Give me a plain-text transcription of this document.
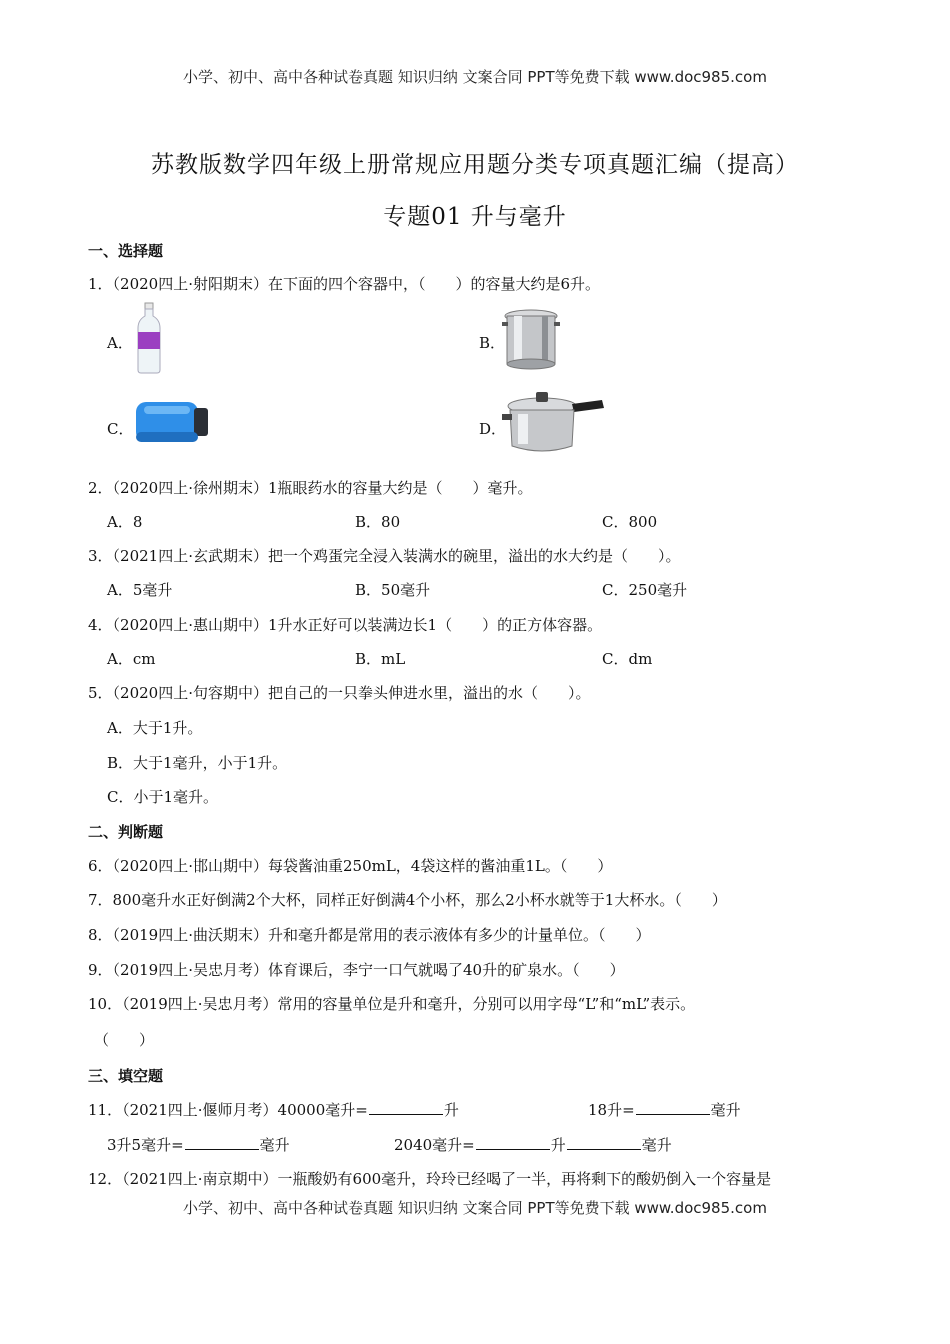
小学、初中、高中各种试卷真题 知识归纳 文案合同 PPT等免费下载 www.doc985.com
苏教版数学四年级上册常规应用题分类专项真题汇编（提高）
专题01 升与毫升
一、选择题
1．（2020四上·射阳期末）在下面的四个容器中，（　　）的容量大约是6升。
A．	B．
C．	D．
2．（2020四上·徐州期末）1瓶眼药水的容量大约是（　　）毫升。
A．8	B．80	C．800
3．（2021四上·玄武期末）把一个鸡蛋完全浸入装满水的碗里，溢出的水大约是（　　）。
A．5毫升	B．50毫升	C．250毫升
4．（2020四上·惠山期中）1升水正好可以装满边长1（　　）的正方体容器。
A．cm	B．mL	C．dm
5．（2020四上·句容期中）把自己的一只拳头伸进水里，溢出的水（　　）。
A．大于1升。
B．大于1毫升，小于1升。
C．小于1毫升。
二、判断题
6．（2020四上·邯山期中）每袋酱油重250mL，4袋这样的酱油重1L。（　　）
7．800毫升水正好倒满2个大杯，同样正好倒满4个小杯，那么2小杯水就等于1大杯水。（　　）
8．（2019四上·曲沃期末）升和毫升都是常用的表示液体有多少的计量单位。（　　）
9．（2019四上·吴忠月考）体育课后，李宁一口气就喝了40升的矿泉水。（　　）
10．（2019四上·吴忠月考）常用的容量单位是升和毫升，分别可以用字母“L”和“mL”表示。
（　　）
三、填空题
11．（2021四上·偃师月考）40000毫升=	升	18升=	毫升
3升5毫升=	毫升	2040毫升=	升	毫升
12．（2021四上·南京期中）一瓶酸奶有600毫升，玲玲已经喝了一半，再将剩下的酸奶倒入一个容量是
小学、初中、高中各种试卷真题 知识归纳 文案合同 PPT等免费下载 www.doc985.com
